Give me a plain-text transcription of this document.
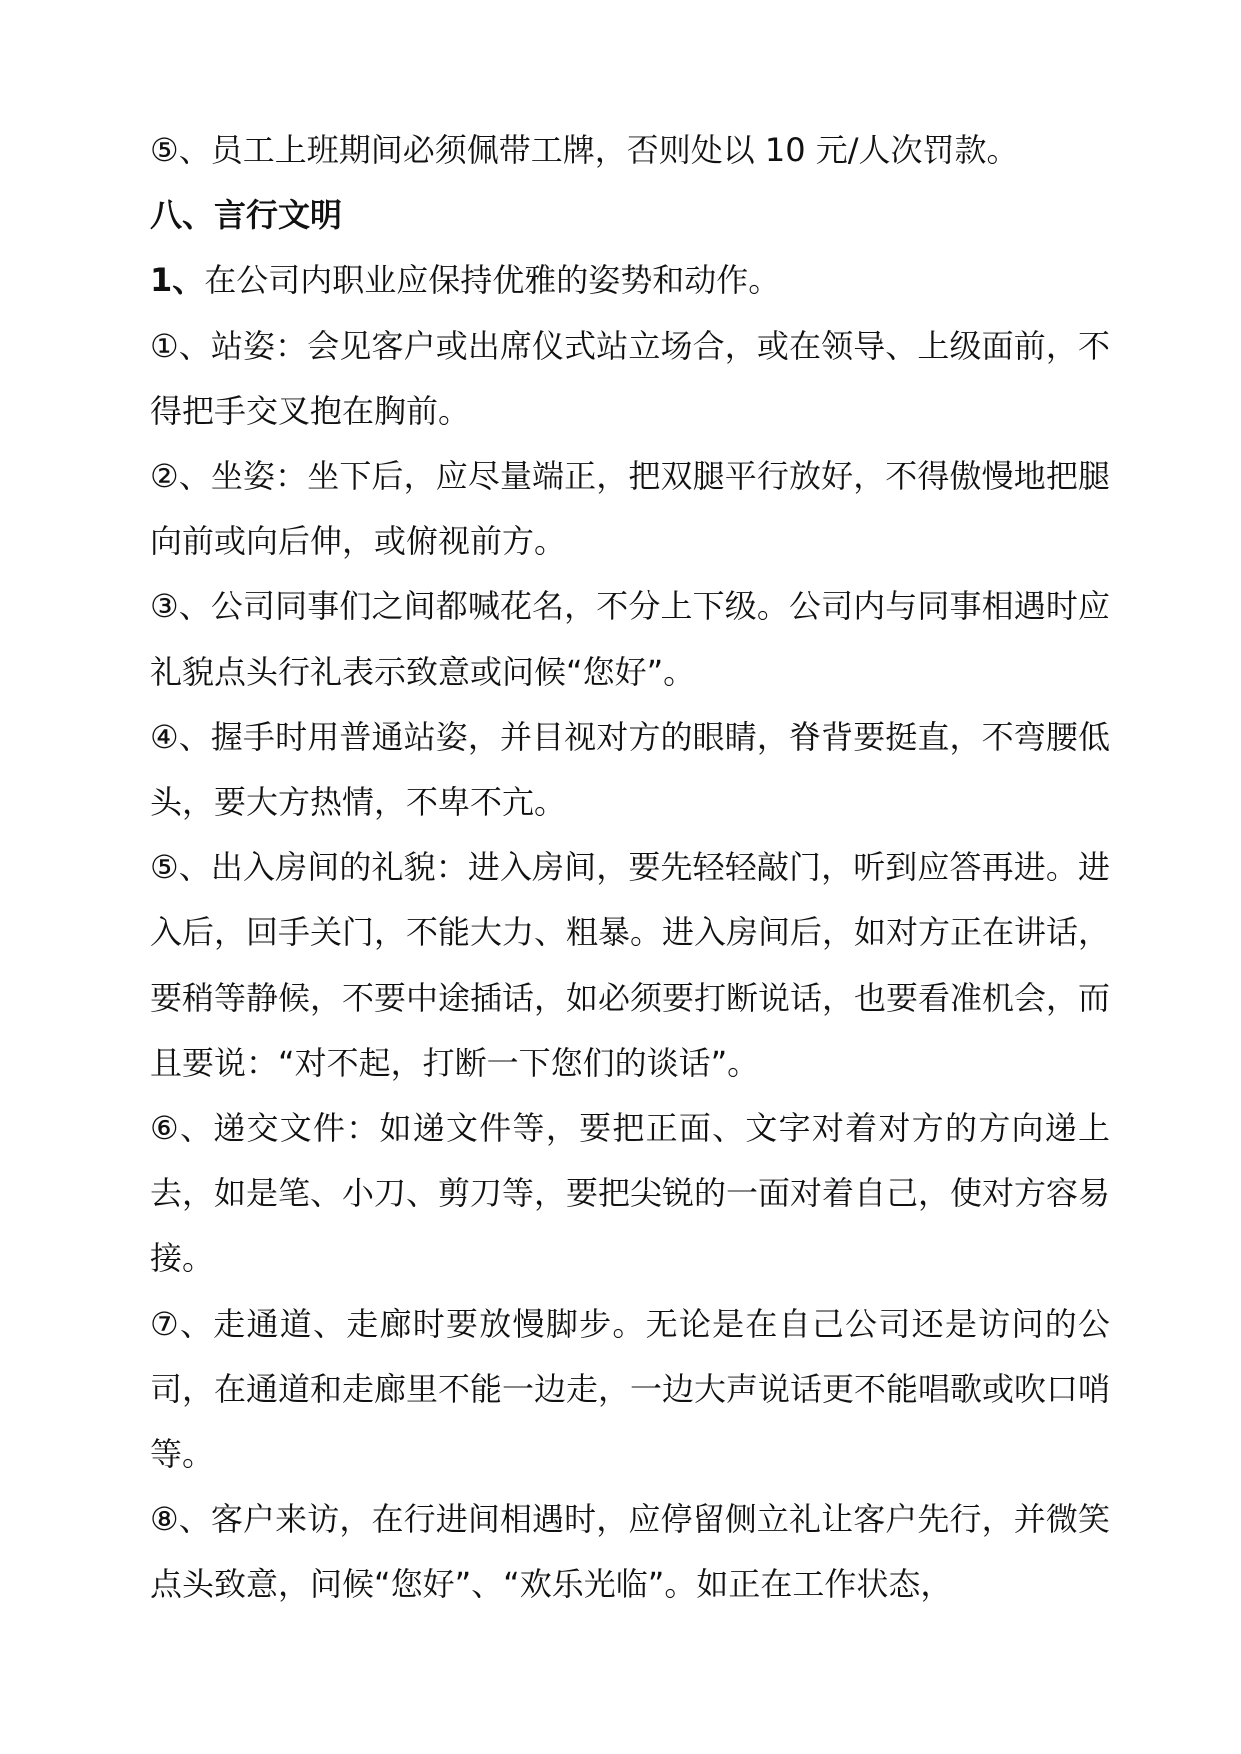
⑤、员工上班期间必须佩带工牌，否则处以 10 元/人次罚款。

八、言行文明

1、在公司内职业应保持优雅的姿势和动作。

①、站姿：会见客户或出席仪式站立场合，或在领导、上级面前，不得把手交叉抱在胸前。

②、坐姿：坐下后，应尽量端正，把双腿平行放好，不得傲慢地把腿向前或向后伸，或俯视前方。

③、公司同事们之间都喊花名，不分上下级。公司内与同事相遇时应礼貌点头行礼表示致意或问候“您好”。

④、握手时用普通站姿，并目视对方的眼睛，脊背要挺直，不弯腰低头，要大方热情，不卑不亢。

⑤、出入房间的礼貌：进入房间，要先轻轻敲门，听到应答再进。进入后，回手关门，不能大力、粗暴。进入房间后，如对方正在讲话，要稍等静候，不要中途插话，如必须要打断说话，也要看准机会，而且要说：“对不起，打断一下您们的谈话”。

⑥、递交文件：如递文件等，要把正面、文字对着对方的方向递上去，如是笔、小刀、剪刀等，要把尖锐的一面对着自己，使对方容易接。

⑦、走通道、走廊时要放慢脚步。无论是在自己公司还是访问的公司，在通道和走廊里不能一边走，一边大声说话更不能唱歌或吹口哨等。

⑧、客户来访，在行进间相遇时，应停留侧立礼让客户先行，并微笑点头致意，问候“您好”、“欢乐光临”。如正在工作状态，
